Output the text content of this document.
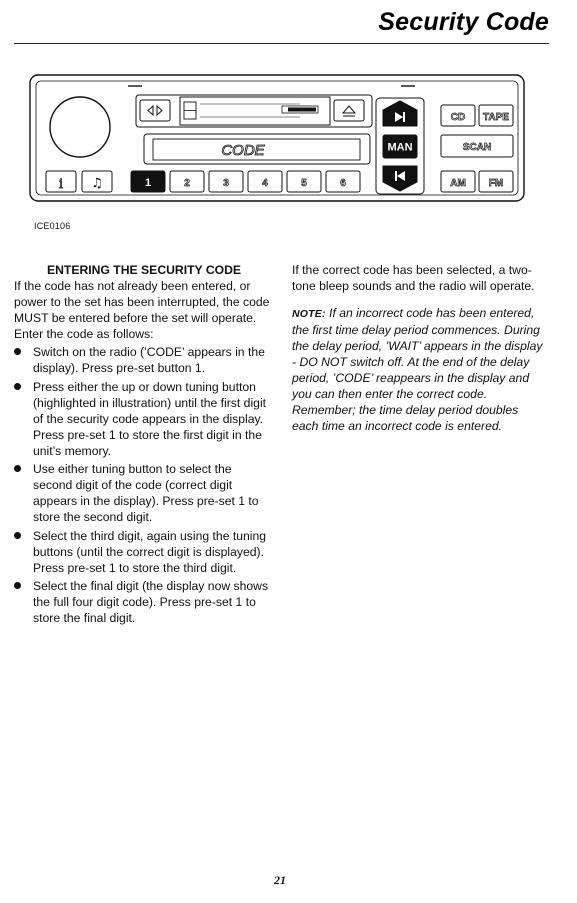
Security Code
CODE
i ♫	1	2	3	4	5	6
MAN
CD TAPE
SCAN
AM FM
ICE0106
ENTERING THE SECURITY CODE

If the code has not already been entered, or power to the set has been interrupted, the code MUST be entered before the set will operate. Enter the code as follows:

Switch on the radio (’CODE’ appears in the display). Press pre-set button 1.
Press either the up or down tuning button (highlighted in illustration) until the first digit of the security code appears in the display. Press pre-set 1 to store the first digit in the unit’s memory.
Use either tuning button to select the second digit of the code (correct digit appears in the display). Press pre-set 1 to store the second digit.
Select the third digit, again using the tuning buttons (until the correct digit is displayed). Press pre-set 1 to store the third digit.
Select the final digit (the display now shows the full four digit code). Press pre-set 1 to store the final digit.

If the correct code has been selected, a two-tone bleep sounds and the radio will operate.

NOTE: If an incorrect code has been entered, the first time delay period commences. During the delay period, ’WAIT’ appears in the display - DO NOT switch off. At the end of the delay period, ’CODE’ reappears in the display and you can then enter the correct code. Remember; the time delay period doubles each time an incorrect code is entered.

21
